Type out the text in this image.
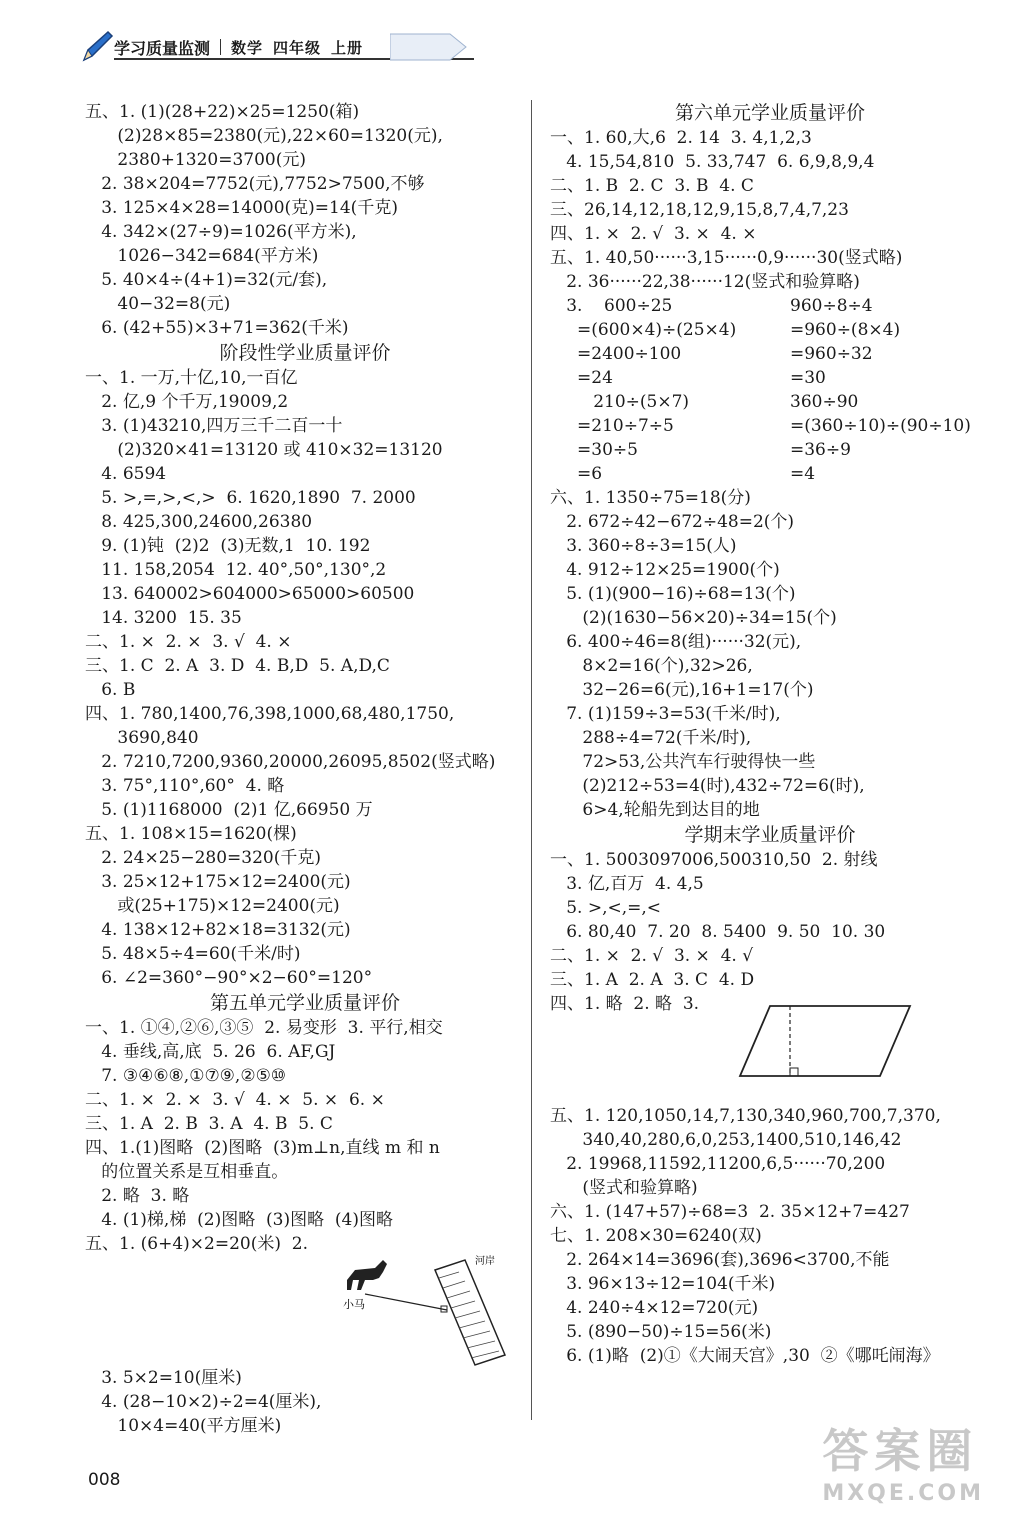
学习质量监测 数学 四年级 上册
五、1. (1)(28+22)×25=1250(箱)
(2)28×85=2380(元),22×60=1320(元),
2380+1320=3700(元)
2. 38×204=7752(元),7752>7500,不够
3. 125×4×28=14000(克)=14(千克)
4. 342×(27÷9)=1026(平方米),
1026−342=684(平方米)
5. 40×4÷(4+1)=32(元/套),
40−32=8(元)
6. (42+55)×3+71=362(千米)
阶段性学业质量评价
一、1. 一万,十亿,10,一百亿
2. 亿,9 个千万,19009,2
3. (1)43210,四万三千二百一十
(2)320×41=13120 或 410×32=13120
4. 6594
5. >,=,>,<,>  6. 1620,1890  7. 2000
8. 425,300,24600,26380
9. (1)钝  (2)2  (3)无数,1  10. 192
11. 158,2054  12. 40°,50°,130°,2
13. 640002>604000>65000>60500
14. 3200  15. 35
二、1. ×  2. ×  3. √  4. ×
三、1. C  2. A  3. D  4. B,D  5. A,D,C
6. B
四、1. 780,1400,76,398,1000,68,480,1750,
3690,840
2. 7210,7200,9360,20000,26095,8502(竖式略)
3. 75°,110°,60°  4. 略
5. (1)1168000  (2)1 亿,66950 万
五、1. 108×15=1620(棵)
2. 24×25−280=320(千克)
3. 25×12+175×12=2400(元)
或(25+175)×12=2400(元)
4. 138×12+82×18=3132(元)
5. 48×5÷4=60(千米/时)
6. ∠2=360°−90°×2−60°=120°
第五单元学业质量评价
一、1. ①④,②⑥,③⑤  2. 易变形  3. 平行,相交
4. 垂线,高,底  5. 26  6. AF,GJ
7. ③④⑥⑧,①⑦⑨,②⑤⑩
二、1. ×  2. ×  3. √  4. ×  5. ×  6. ×
三、1. A  2. B  3. A  4. B  5. C
四、1.(1)图略  (2)图略  (3)m⊥n,直线 m 和 n
的位置关系是互相垂直。
2. 略  3. 略
4. (1)梯,梯  (2)图略  (3)图略  (4)图略
五、1. (6+4)×2=20(米)  2.
小马
河岸
3. 5×2=10(厘米)
4. (28−10×2)÷2=4(厘米),
10×4=40(平方厘米)
第六单元学业质量评价
一、1. 60,大,6  2. 14  3. 4,1,2,3
4. 15,54,810  5. 33,747  6. 6,9,8,9,4
二、1. B  2. C  3. B  4. C
三、26,14,12,18,12,9,15,8,7,4,7,23
四、1. ×  2. √  3. ×  4. ×
五、1. 40,50······3,15······0,9······30(竖式略)
2. 36······22,38······12(竖式和验算略)
3.    600÷25	960÷8÷4
=(600×4)÷(25×4)	=960÷(8×4)
=2400÷100	=960÷32
=24	=30
210÷(5×7)	360÷90
=210÷7÷5	=(360÷10)÷(90÷10)
=30÷5	=36÷9
=6	=4
六、1. 1350÷75=18(分)
2. 672÷42−672÷48=2(个)
3. 360÷8÷3=15(人)
4. 912÷12×25=1900(个)
5. (1)(900−16)÷68=13(个)
(2)(1630−56×20)÷34=15(个)
6. 400÷46=8(组)······32(元),
8×2=16(个),32>26,
32−26=6(元),16+1=17(个)
7. (1)159÷3=53(千米/时),
288÷4=72(千米/时),
72>53,公共汽车行驶得快一些
(2)212÷53=4(时),432÷72=6(时),
6>4,轮船先到达目的地
学期末学业质量评价
一、1. 5003097006,500310,50  2. 射线
3. 亿,百万  4. 4,5
5. >,<,=,<
6. 80,40  7. 20  8. 5400  9. 50  10. 30
二、1. ×  2. √  3. ×  4. √
三、1. A  2. A  3. C  4. D
四、1. 略  2. 略  3.
五、1. 120,1050,14,7,130,340,960,700,7,370,
340,40,280,6,0,253,1400,510,146,42
2. 19968,11592,11200,6,5······70,200
(竖式和验算略)
六、1. (147+57)÷68=3  2. 35×12+7=427
七、1. 208×30=6240(双)
2. 264×14=3696(套),3696<3700,不能
3. 96×13÷12=104(千米)
4. 240÷4×12=720(元)
5. (890−50)÷15=56(米)
6. (1)略  (2)①《大闹天宫》,30  ②《哪吒闹海》
008
答案圈
MXQE.COM
